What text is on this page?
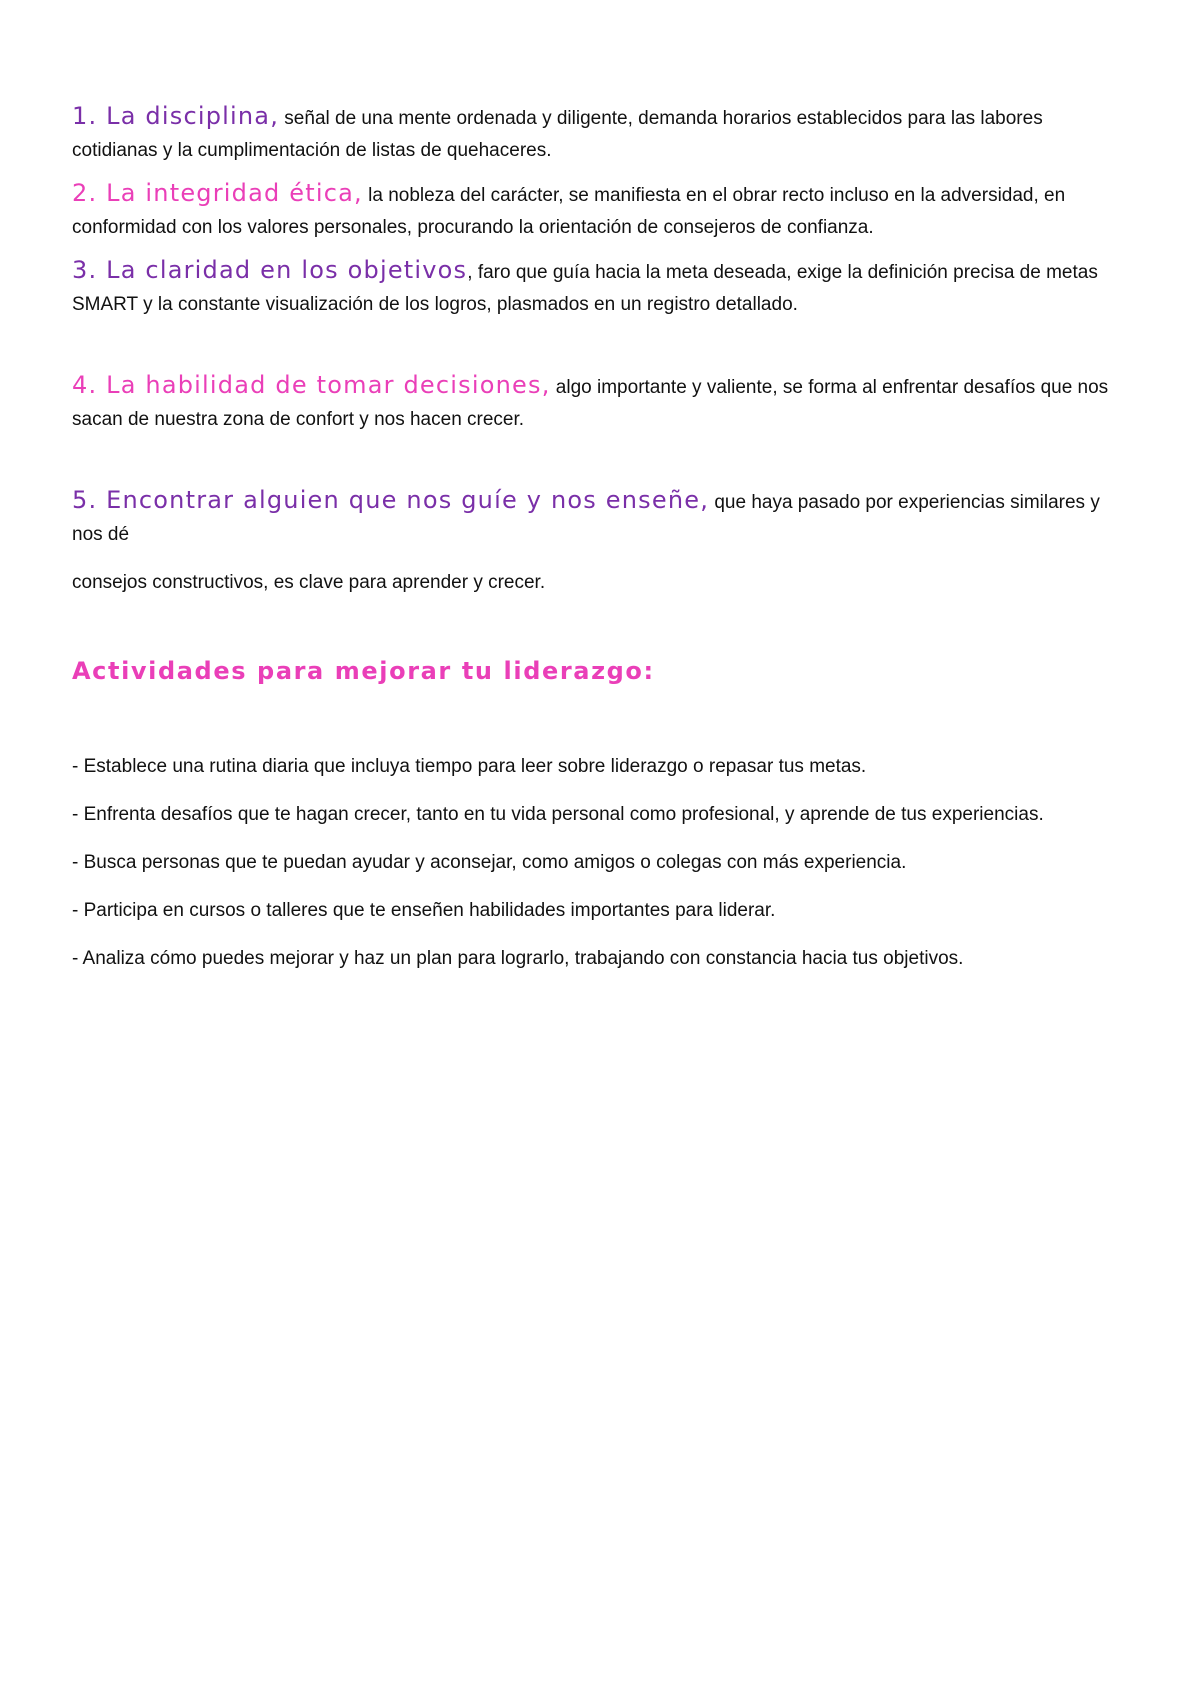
1. La disciplina, señal de una mente ordenada y diligente, demanda horarios establecidos para las labores cotidianas y la cumplimentación de listas de quehaceres.

2. La integridad ética, la nobleza del carácter, se manifiesta en el obrar recto incluso en la adversidad, en conformidad con los valores personales, procurando la orientación de consejeros de confianza.

3. La claridad en los objetivos, faro que guía hacia la meta deseada, exige la definición precisa de metas SMART y la constante visualización de los logros, plasmados en un registro detallado.

4. La habilidad de tomar decisiones, algo importante y valiente, se forma al enfrentar desafíos que nos sacan de nuestra zona de confort y nos hacen crecer.

5. Encontrar alguien que nos guíe y nos enseñe, que haya pasado por experiencias similares y nos dé

consejos constructivos, es clave para aprender y crecer.

Actividades para mejorar tu liderazgo:

- Establece una rutina diaria que incluya tiempo para leer sobre liderazgo o repasar tus metas.

- Enfrenta desafíos que te hagan crecer, tanto en tu vida personal como profesional, y aprende de tus experiencias.

- Busca personas que te puedan ayudar y aconsejar, como amigos o colegas con más experiencia.

- Participa en cursos o talleres que te enseñen habilidades importantes para liderar.

- Analiza cómo puedes mejorar y haz un plan para lograrlo, trabajando con constancia hacia tus objetivos.
